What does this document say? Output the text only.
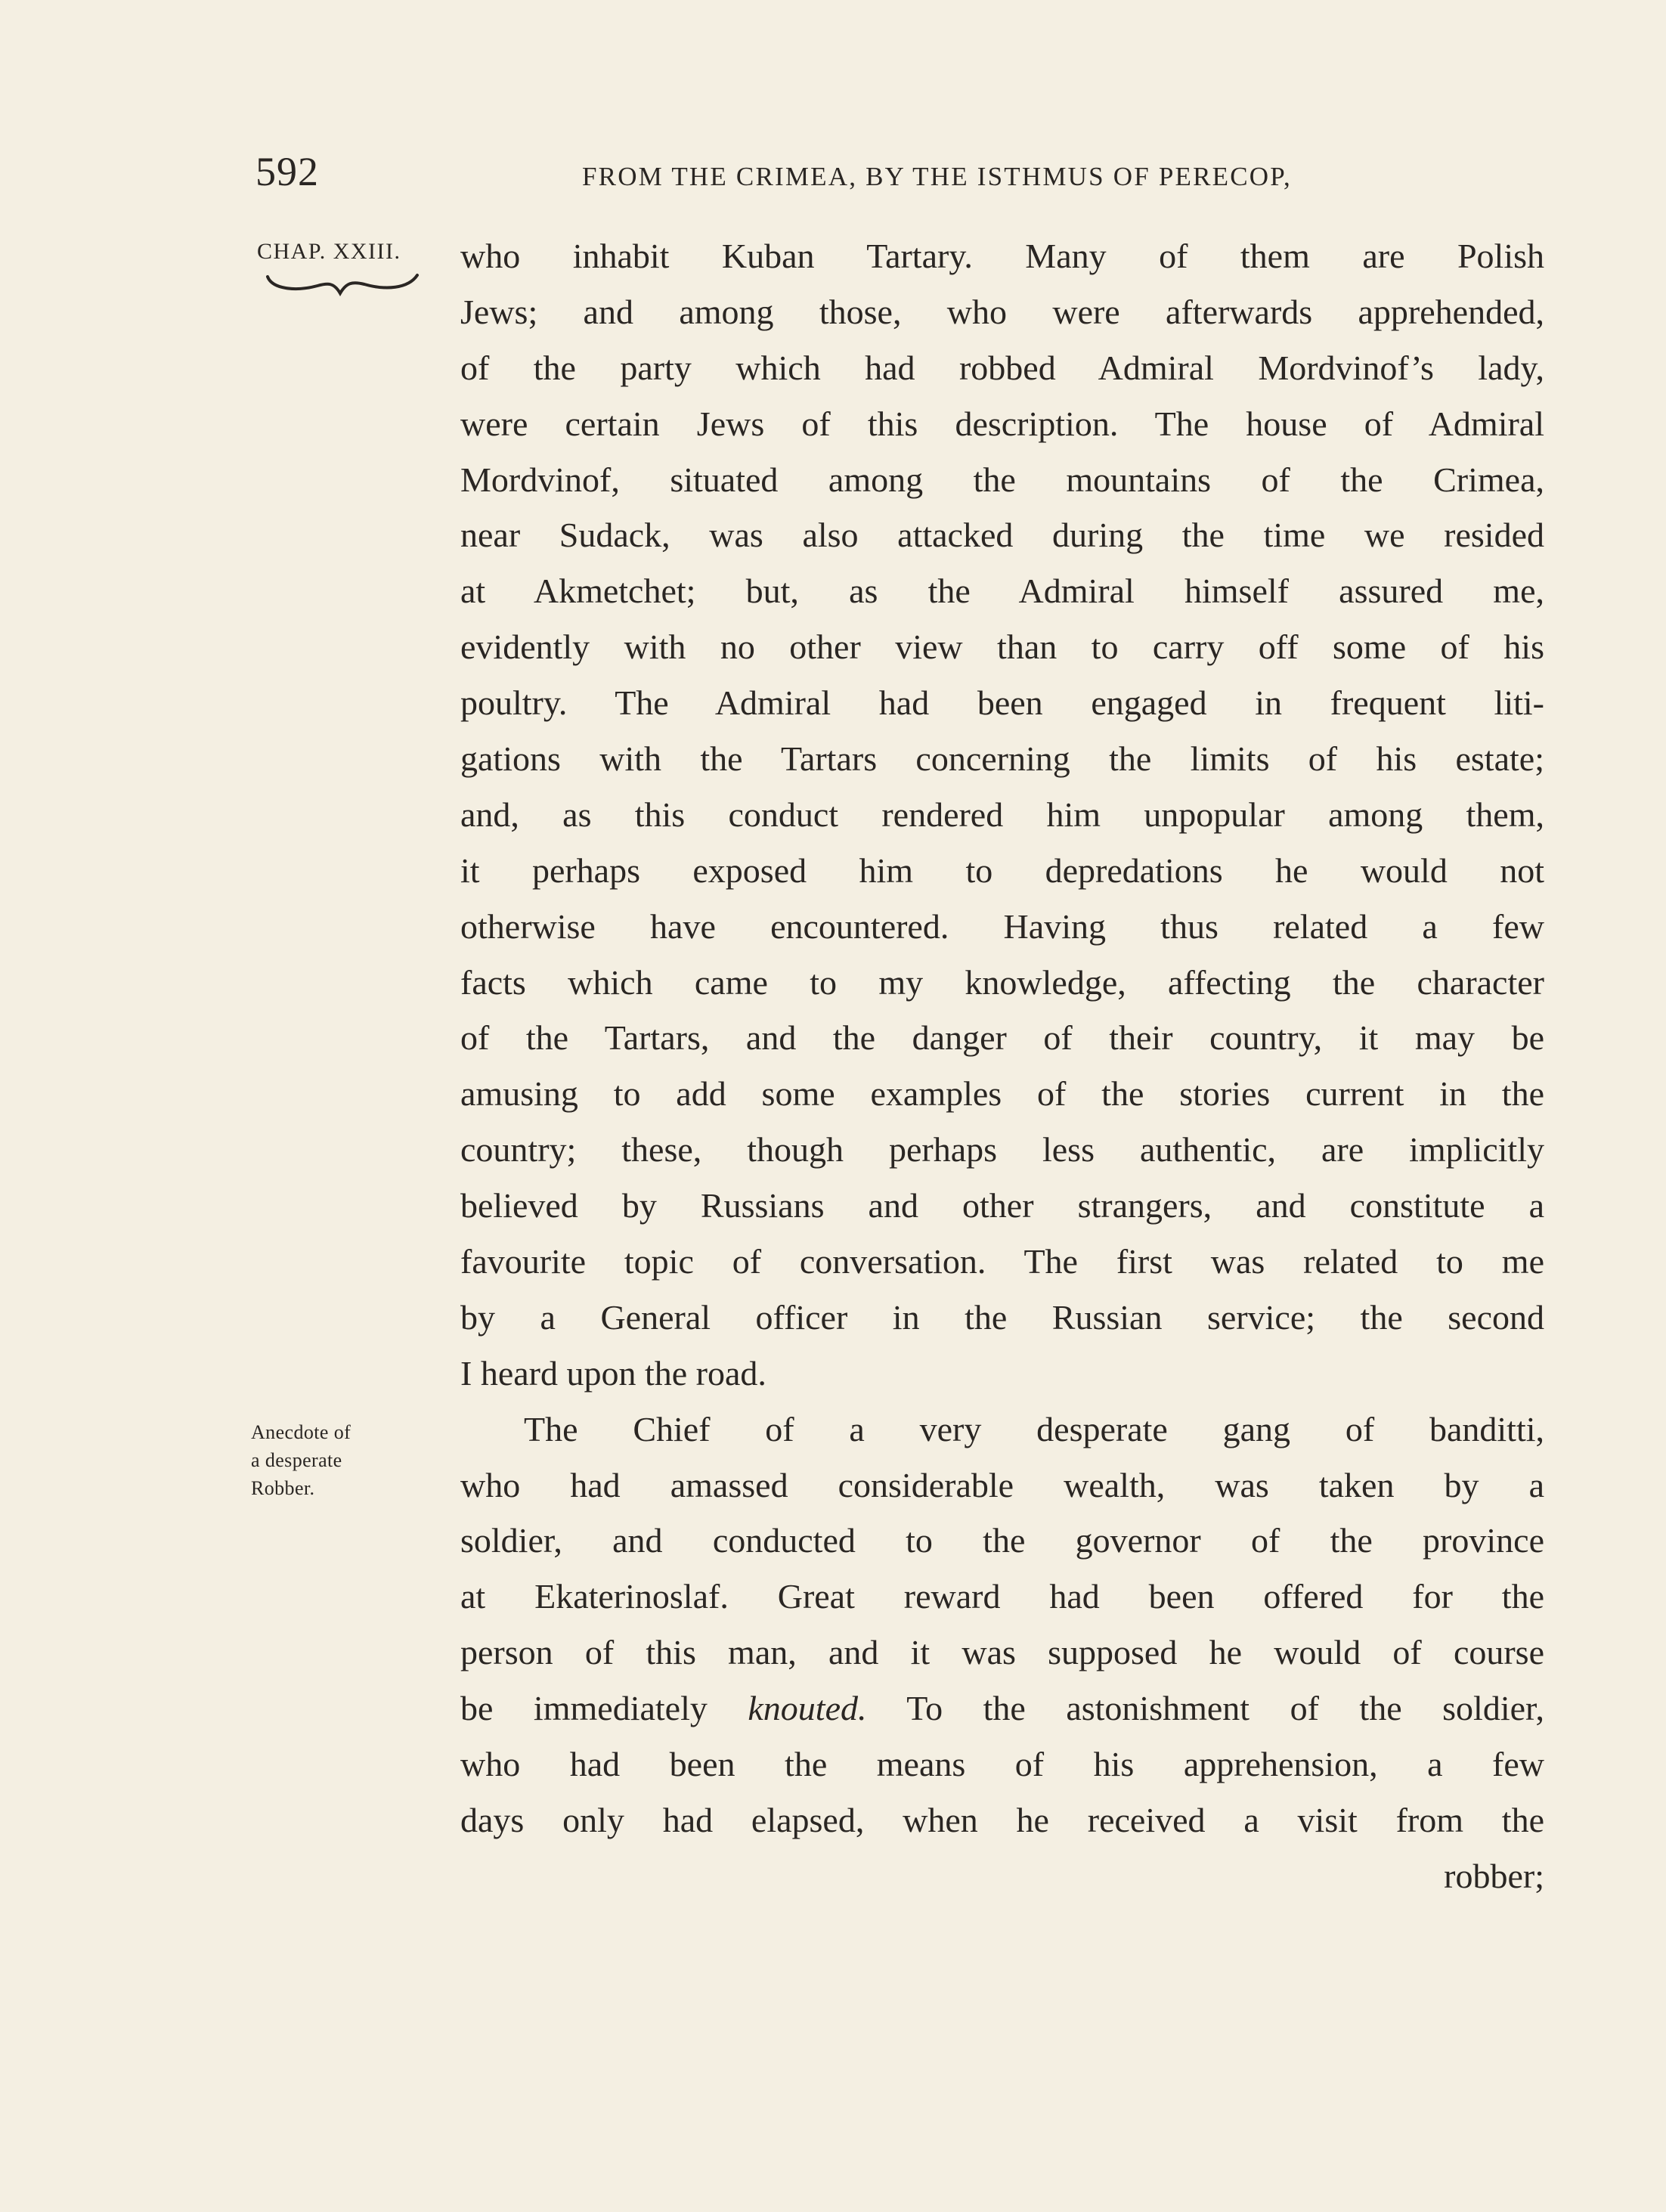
592	FROM THE CRIMEA, BY THE ISTHMUS OF PERECOP,
CHAP. XXIII.
Anecdote of
a desperate
Robber.
who inhabit Kuban Tartary. Many of them are Polish
Jews; and among those, who were afterwards apprehended,
of the party which had robbed Admiral Mordvinof’s lady,
were certain Jews of this description. The house of Admiral
Mordvinof, situated among the mountains of the Crimea,
near Sudack, was also attacked during the time we resided
at Akmetchet; but, as the Admiral himself assured me,
evidently with no other view than to carry off some of his
poultry. The Admiral had been engaged in frequent liti-
gations with the Tartars concerning the limits of his estate;
and, as this conduct rendered him unpopular among them,
it perhaps exposed him to depredations he would not
otherwise have encountered. Having thus related a few
facts which came to my knowledge, affecting the character
of the Tartars, and the danger of their country, it may be
amusing to add some examples of the stories current in the
country; these, though perhaps less authentic, are implicitly
believed by Russians and other strangers, and constitute a
favourite topic of conversation. The first was related to me
by a General officer in the Russian service; the second
I heard upon the road.
The Chief of a very desperate gang of banditti,
who had amassed considerable wealth, was taken by a
soldier, and conducted to the governor of the province
at Ekaterinoslaf. Great reward had been offered for the
person of this man, and it was supposed he would of course
be immediately knouted. To the astonishment of the soldier,
who had been the means of his apprehension, a few
days only had elapsed, when he received a visit from the
robber;
